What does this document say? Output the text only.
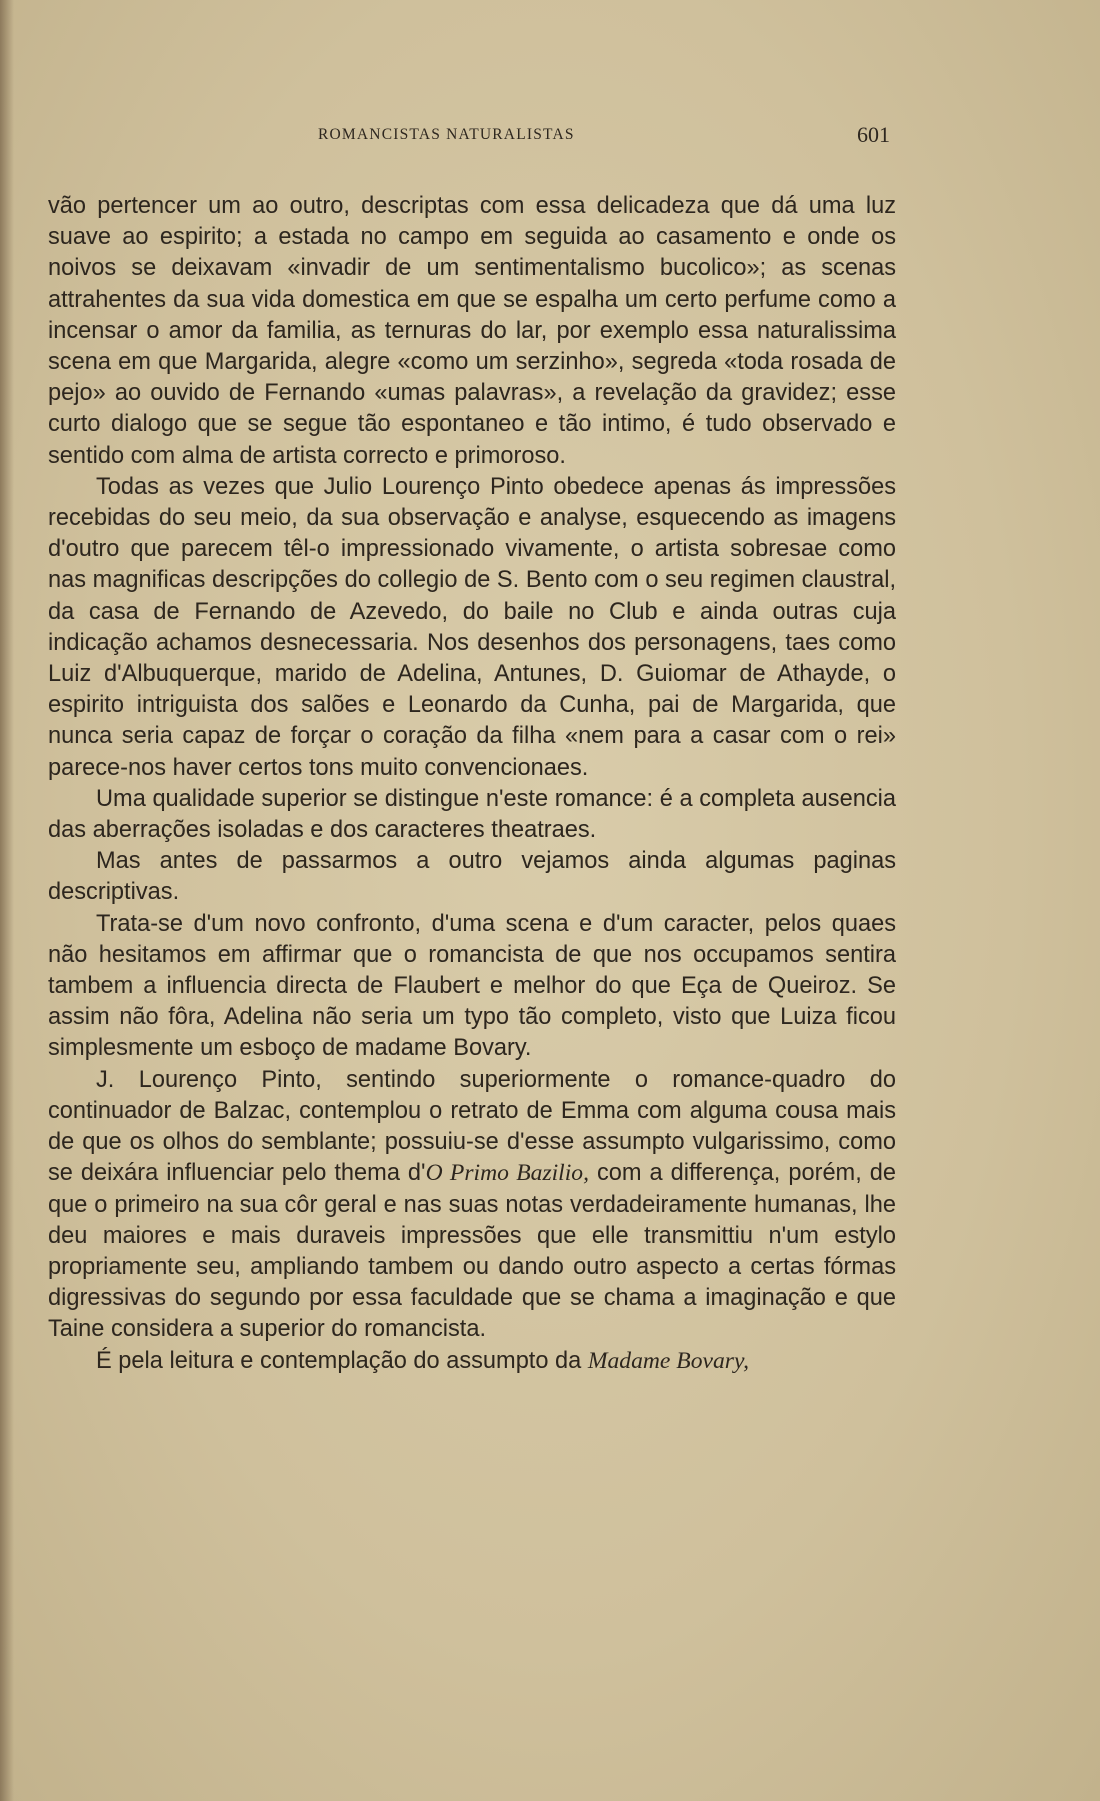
ROMANCISTAS NATURALISTAS	601

vão pertencer um ao outro, descriptas com essa delicadeza que dá uma luz suave ao espirito; a estada no campo em seguida ao casamento e onde os noivos se deixavam «invadir de um sentimentalismo bucolico»; as scenas attrahentes da sua vida domestica em que se espalha um certo perfume como a incensar o amor da familia, as ternuras do lar, por exemplo essa naturalissima scena em que Margarida, alegre «como um serzinho», segreda «toda rosada de pejo» ao ouvido de Fernando «umas palavras», a revelação da gravidez; esse curto dialogo que se segue tão espontaneo e tão intimo, é tudo observado e sentido com alma de artista correcto e primoroso.

Todas as vezes que Julio Lourenço Pinto obedece apenas ás impressões recebidas do seu meio, da sua observação e analyse, esquecendo as imagens d'outro que parecem têl-o impressionado vivamente, o artista sobresae como nas magnificas descripções do collegio de S. Bento com o seu regimen claustral, da casa de Fernando de Azevedo, do baile no Club e ainda outras cuja indicação achamos desnecessaria. Nos desenhos dos personagens, taes como Luiz d'Albuquerque, marido de Adelina, Antunes, D. Guiomar de Athayde, o espirito intriguista dos salões e Leonardo da Cunha, pai de Margarida, que nunca seria capaz de forçar o coração da filha «nem para a casar com o rei» parece-nos haver certos tons muito convencionaes.

Uma qualidade superior se distingue n'este romance: é a completa ausencia das aberrações isoladas e dos caracteres theatraes.

Mas antes de passarmos a outro vejamos ainda algumas paginas descriptivas.

Trata-se d'um novo confronto, d'uma scena e d'um caracter, pelos quaes não hesitamos em affirmar que o romancista de que nos occupamos sentira tambem a influencia directa de Flaubert e melhor do que Eça de Queiroz. Se assim não fôra, Adelina não seria um typo tão completo, visto que Luiza ficou simplesmente um esboço de madame Bovary.

J. Lourenço Pinto, sentindo superiormente o romance-quadro do continuador de Balzac, contemplou o retrato de Emma com alguma cousa mais de que os olhos do semblante; possuiu-se d'esse assumpto vulgarissimo, como se deixára influenciar pelo thema d'O Primo Bazilio, com a differença, porém, de que o primeiro na sua côr geral e nas suas notas verdadeiramente humanas, lhe deu maiores e mais duraveis impressões que elle transmittiu n'um estylo propriamente seu, ampliando tambem ou dando outro aspecto a certas fórmas digressivas do segundo por essa faculdade que se chama a imaginação e que Taine considera a superior do romancista.

É pela leitura e contemplação do assumpto da Madame Bovary,
